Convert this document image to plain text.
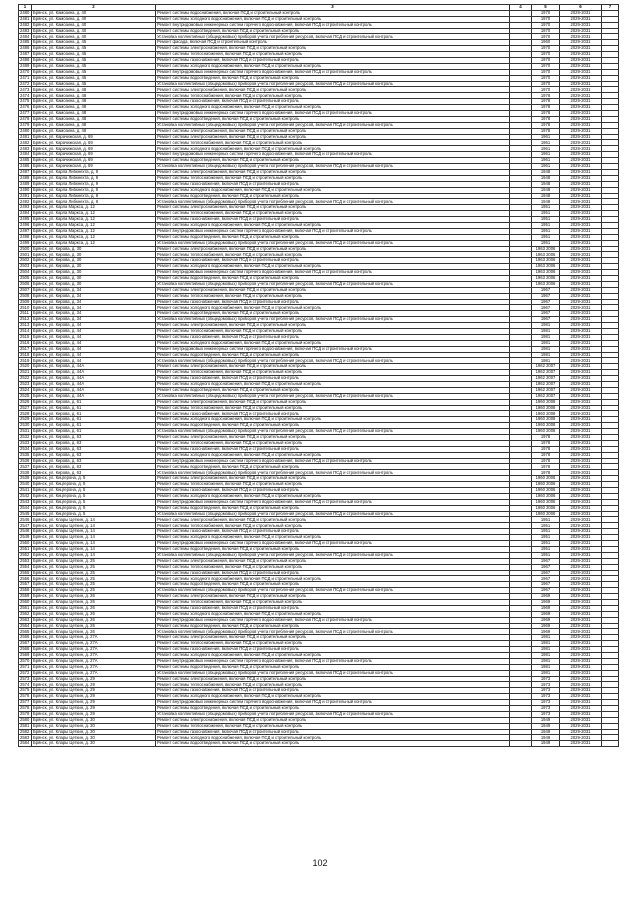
1	2	3	4	5	6	7
2480	Брянск, ул. Камозина, д. 40	Ремонт системы водоснабжения, включая ПСД и строительный контроль		1970	2029-2031	
2481	Брянск, ул. Камозина, д. 40	Ремонт системы холодного водоснабжения, включая ПСД и строительный контроль		1970	2029-2031	
2482	Брянск, ул. Камозина, д. 40	Ремонт внутридомовых инженерных систем горячего водоснабжения, включая ПСД и строительный контроль		1970	2029-2031	
2483	Брянск, ул. Камозина, д. 40	Ремонт системы водоотведения, включая ПСД и строительный контроль		1970	2029-2031	
2484	Брянск, ул. Камозина, д. 40	Установка коллективных (общедомовых) приборов учета потребления ресурсов, включая ПСД и строительный контроль		1970	2029-2031	
2485	Брянск, ул. Камозина, д. 45	Ремонт фасада, включая ПСД и строительный контроль		1960	2029-2031	
2486	Брянск, ул. Камозина, д. 45	Ремонт системы электроснабжения, включая ПСД и строительный контроль		1970	2029-2031	
2487	Брянск, ул. Камозина, д. 45	Ремонт системы теплоснабжения, включая ПСД и строительный контроль		1970	2029-2031	
2488	Брянск, ул. Камозина, д. 45	Ремонт системы газоснабжения, включая ПСД и строительный контроль		1970	2029-2031	
2489	Брянск, ул. Камозина, д. 45	Ремонт системы холодного водоснабжения, включая ПСД и строительный контроль		1970	2029-2031	
2470	Брянск, ул. Камозина, д. 45	Ремонт внутридомовых инженерных систем горячего водоснабжения, включая ПСД и строительный контроль		1970	2029-2031	
2471	Брянск, ул. Камозина, д. 45	Ремонт системы водоотведения, включая ПСД и строительный контроль		1970	2029-2031	
2472	Брянск, ул. Камозина, д. 45	Установка коллективных (общедомовых) приборов учета потребления ресурсов, включая ПСД и строительный контроль		1970	2029-2031	
2473	Брянск, ул. Камозина, д. 48	Ремонт системы электроснабжения, включая ПСД и строительный контроль		1970	2029-2031	
2474	Брянск, ул. Камозина, д. 48	Ремонт системы теплоснабжения, включая ПСД и строительный контроль		1978	2029-2031	
2475	Брянск, ул. Камозина, д. 48	Ремонт системы газоснабжения, включая ПСД и строительный контроль		1978	2029-2031	
2476	Брянск, ул. Камозина, д. 48	Ремонт системы холодного водоснабжения, включая ПСД и строительный контроль		1978	2029-2031	
2477	Брянск, ул. Камозина, д. 48	Ремонт внутридомовых инженерных систем горячего водоснабжения, включая ПСД и строительный контроль		1978	2029-2031	
2478	Брянск, ул. Камозина, д. 48	Ремонт системы водоотведения, включая ПСД и строительный контроль		1978	2029-2031	
2479	Брянск, ул. Камозина, д. 48	Установка коллективных (общедомовых) приборов учета потребления ресурсов, включая ПСД и строительный контроль		1978	2029-2031	
2480	Брянск, ул. Камозина, д. 48	Ремонт системы электроснабжения, включая ПСД и строительный контроль		1978	2029-2031	
2481	Брянск, ул. Карачижская, д. 69	Ремонт системы электроснабжения, включая ПСД и строительный контроль		1961	2029-2031	
2482	Брянск, ул. Карачижская, д. 69	Ремонт системы теплоснабжения, включая ПСД и строительный контроль		1961	2029-2031	
2483	Брянск, ул. Карачижская, д. 69	Ремонт системы холодного водоснабжения, включая ПСД и строительный контроль		1961	2029-2031	
2484	Брянск, ул. Карачижская, д. 69	Ремонт внутридомовых инженерных систем горячего водоснабжения, включая ПСД и строительный контроль		1961	2029-2031	
2485	Брянск, ул. Карачижская, д. 69	Ремонт системы водоотведения, включая ПСД и строительный контроль		1961	2029-2031	
2486	Брянск, ул. Карачижская, д. 69	Установка коллективных (общедомовых) приборов учета потребления ресурсов, включая ПСД и строительный контроль		1961	2029-2031	
2487	Брянск, ул. Карла Либкнехта, д. 9	Ремонт системы электроснабжения, включая ПСД и строительный контроль		1948	2029-2031	
2488	Брянск, ул. Карла Либкнехта, д. 9	Ремонт системы теплоснабжения, включая ПСД и строительный контроль		1948	2029-2031	
2489	Брянск, ул. Карла Либкнехта, д. 9	Ремонт системы газоснабжения, включая ПСД и строительный контроль		1948	2029-2031	
2490	Брянск, ул. Карла Либкнехта, д. 9	Ремонт системы холодного водоснабжения, включая ПСД и строительный контроль		1948	2029-2031	
2491	Брянск, ул. Карла Либкнехта, д. 9	Ремонт системы водоотведения, включая ПСД и строительный контроль		1948	2029-2031	
2492	Брянск, ул. Карла Либкнехта, д. 9	Установка коллективных (общедомовых) приборов учета потребления ресурсов, включая ПСД и строительный контроль		1948	2029-2031	
2493	Брянск, ул. Карла Маркса, д. 12	Ремонт системы электроснабжения, включая ПСД и строительный контроль		1951	2029-2031	
2494	Брянск, ул. Карла Маркса, д. 12	Ремонт системы теплоснабжения, включая ПСД и строительный контроль		1951	2029-2031	
2495	Брянск, ул. Карла Маркса, д. 12	Ремонт системы газоснабжения, включая ПСД и строительный контроль		1951	2029-2031	
2496	Брянск, ул. Карла Маркса, д. 12	Ремонт системы холодного водоснабжения, включая ПСД и строительный контроль		1951	2029-2031	
2497	Брянск, ул. Карла Маркса, д. 12	Ремонт внутридомовых инженерных систем горячего водоснабжения, включая ПСД и строительный контроль		1951	2029-2031	
2498	Брянск, ул. Карла Маркса, д. 12	Ремонт системы водоотведения, включая ПСД и строительный контроль		1951	2029-2031	
2499	Брянск, ул. Карла Маркса, д. 12	Установка коллективных (общедомовых) приборов учета потребления ресурсов, включая ПСД и строительный контроль		1951	2029-2031	
2500	Брянск, ул. Кирова, д. 30	Ремонт системы электроснабжения, включая ПСД и строительный контроль		1963 2006	2029-2031	
2501	Брянск, ул. Кирова, д. 30	Ремонт системы теплоснабжения, включая ПСД и строительный контроль		1963 2006	2029-2031	
2502	Брянск, ул. Кирова, д. 30	Ремонт системы газоснабжения, включая ПСД и строительный контроль		1963 2006	2029-2031	
2503	Брянск, ул. Кирова, д. 30	Ремонт системы холодного водоснабжения, включая ПСД и строительный контроль		1963 2006	2029-2031	
2504	Брянск, ул. Кирова, д. 30	Ремонт внутридомовых инженерных систем горячего водоснабжения, включая ПСД и строительный контроль		1963 2006	2029-2031	
2505	Брянск, ул. Кирова, д. 30	Ремонт системы водоотведения, включая ПСД и строительный контроль		1963 2006	2029-2031	
2506	Брянск, ул. Кирова, д. 30	Установка коллективных (общедомовых) приборов учета потребления ресурсов, включая ПСД и строительный контроль		1963 2006	2029-2031	
2507	Брянск, ул. Кирова, д. 34	Ремонт системы электроснабжения, включая ПСД и строительный контроль		1967	2029-2031	
2508	Брянск, ул. Кирова, д. 34	Ремонт системы теплоснабжения, включая ПСД и строительный контроль		1967	2029-2031	
2509	Брянск, ул. Кирова, д. 34	Ремонт системы газоснабжения, включая ПСД и строительный контроль		1967	2029-2031	
2510	Брянск, ул. Кирова, д. 34	Ремонт системы холодного водоснабжения, включая ПСД и строительный контроль		1967	2029-2031	
2511	Брянск, ул. Кирова, д. 34	Ремонт системы водоотведения, включая ПСД и строительный контроль		1967	2029-2031	
2512	Брянск, ул. Кирова, д. 34	Установка коллективных (общедомовых) приборов учета потребления ресурсов, включая ПСД и строительный контроль		1967	2029-2031	
2513	Брянск, ул. Кирова, д. 44	Ремонт системы электроснабжения, включая ПСД и строительный контроль		1981	2029-2031	
2514	Брянск, ул. Кирова, д. 44	Ремонт системы теплоснабжения, включая ПСД и строительный контроль		1981	2029-2031	
2515	Брянск, ул. Кирова, д. 44	Ремонт системы газоснабжения, включая ПСД и строительный контроль		1981	2029-2031	
2516	Брянск, ул. Кирова, д. 44	Ремонт системы холодного водоснабжения, включая ПСД и строительный контроль		1981	2029-2031	
2517	Брянск, ул. Кирова, д. 44	Ремонт внутридомовых инженерных систем горячего водоснабжения, включая ПСД и строительный контроль		1981	2029-2031	
2518	Брянск, ул. Кирова, д. 44	Ремонт системы водоотведения, включая ПСД и строительный контроль		1981	2029-2031	
2519	Брянск, ул. Кирова, д. 44	Установка коллективных (общедомовых) приборов учета потребления ресурсов, включая ПСД и строительный контроль		1981	2029-2031	
2520	Брянск, ул. Кирова, д. 44А	Ремонт системы электроснабжения, включая ПСД и строительный контроль		1962 2007	2029-2031	
2521	Брянск, ул. Кирова, д. 44А	Ремонт системы теплоснабжения, включая ПСД и строительный контроль		1962 2007	2029-2031	
2522	Брянск, ул. Кирова, д. 44А	Ремонт системы газоснабжения, включая ПСД и строительный контроль		1962 2007	2029-2031	
2523	Брянск, ул. Кирова, д. 44А	Ремонт системы холодного водоснабжения, включая ПСД и строительный контроль		1962 2007	2029-2031	
2524	Брянск, ул. Кирова, д. 44А	Ремонт системы водоотведения, включая ПСД и строительный контроль		1962 2007	2029-2031	
2525	Брянск, ул. Кирова, д. 44А	Установка коллективных (общедомовых) приборов учета потребления ресурсов, включая ПСД и строительный контроль		1962 2007	2029-2031	
2526	Брянск, ул. Кирова, д. 61	Ремонт системы электроснабжения, включая ПСД и строительный контроль		1960 2008	2029-2031	
2527	Брянск, ул. Кирова, д. 61	Ремонт системы теплоснабжения, включая ПСД и строительный контроль		1960 2008	2029-2031	
2528	Брянск, ул. Кирова, д. 61	Ремонт системы газоснабжения, включая ПСД и строительный контроль		1960 2008	2029-2031	
2529	Брянск, ул. Кирова, д. 61	Ремонт системы холодного водоснабжения, включая ПСД и строительный контроль		1960 2008	2029-2031	
2530	Брянск, ул. Кирова, д. 61	Ремонт системы водоотведения, включая ПСД и строительный контроль		1960 2008	2029-2031	
2531	Брянск, ул. Кирова, д. 61	Установка коллективных (общедомовых) приборов учета потребления ресурсов, включая ПСД и строительный контроль		1960 2008	2029-2031	
2532	Брянск, ул. Кирова, д. 63	Ремонт системы электроснабжения, включая ПСД и строительный контроль		1978	2029-2031	
2533	Брянск, ул. Кирова, д. 63	Ремонт системы теплоснабжения, включая ПСД и строительный контроль		1978	2029-2031	
2534	Брянск, ул. Кирова, д. 63	Ремонт системы газоснабжения, включая ПСД и строительный контроль		1978	2029-2031	
2535	Брянск, ул. Кирова, д. 63	Ремонт системы холодного водоснабжения, включая ПСД и строительный контроль		1978	2029-2031	
2536	Брянск, ул. Кирова, д. 63	Ремонт внутридомовых инженерных систем горячего водоснабжения, включая ПСД и строительный контроль		1978	2029-2031	
2537	Брянск, ул. Кирова, д. 63	Ремонт системы водоотведения, включая ПСД и строительный контроль		1978	2029-2031	
2538	Брянск, ул. Кирова, д. 63	Установка коллективных (общедомовых) приборов учета потребления ресурсов, включая ПСД и строительный контроль		1978	2029-2031	
2539	Брянск, ул. Кицгерона, д. 5	Ремонт системы электроснабжения, включая ПСД и строительный контроль		1960 2006	2029-2031	
2540	Брянск, ул. Кицгерона, д. 5	Ремонт системы теплоснабжения, включая ПСД и строительный контроль		1960 2006	2029-2031	
2541	Брянск, ул. Кицгерона, д. 5	Ремонт системы газоснабжения, включая ПСД и строительный контроль		1960 2006	2029-2031	
2542	Брянск, ул. Кицгерона, д. 5	Ремонт системы холодного водоснабжения, включая ПСД и строительный контроль		1960 2006	2029-2031	
2543	Брянск, ул. Кицгерона, д. 5	Ремонт внутридомовых инженерных систем горячего водоснабжения, включая ПСД и строительный контроль		1960 2006	2029-2031	
2544	Брянск, ул. Кицгерона, д. 5	Ремонт системы водоотведения, включая ПСД и строительный контроль		1960 2006	2029-2031	
2545	Брянск, ул. Кицгерона, д. 5	Установка коллективных (общедомовых) приборов учета потребления ресурсов, включая ПСД и строительный контроль		1960 2006	2029-2031	
2546	Брянск, ул. Клары Цеткин, д. 14	Ремонт системы электроснабжения, включая ПСД и строительный контроль		1951	2029-2031	
2547	Брянск, ул. Клары Цеткин, д. 14	Ремонт системы теплоснабжения, включая ПСД и строительный контроль		1951	2029-2031	
2548	Брянск, ул. Клары Цеткин, д. 14	Ремонт системы газоснабжения, включая ПСД и строительный контроль		1951	2029-2031	
2549	Брянск, ул. Клары Цеткин, д. 14	Ремонт системы холодного водоснабжения, включая ПСД и строительный контроль		1951	2029-2031	
2550	Брянск, ул. Клары Цеткин, д. 14	Ремонт внутридомовых инженерных систем горячего водоснабжения, включая ПСД и строительный контроль		1951	2029-2031	
2551	Брянск, ул. Клары Цеткин, д. 14	Ремонт системы водоотведения, включая ПСД и строительный контроль		1951	2029-2031	
2552	Брянск, ул. Клары Цеткин, д. 14	Установка коллективных (общедомовых) приборов учета потребления ресурсов, включая ПСД и строительный контроль		1951	2029-2031	
2553	Брянск, ул. Клары Цеткин, д. 25	Ремонт системы электроснабжения, включая ПСД и строительный контроль		1967	2029-2031	
2554	Брянск, ул. Клары Цеткин, д. 25	Ремонт системы теплоснабжения, включая ПСД и строительный контроль		1967	2029-2031	
2555	Брянск, ул. Клары Цеткин, д. 25	Ремонт системы газоснабжения, включая ПСД и строительный контроль		1967	2029-2031	
2556	Брянск, ул. Клары Цеткин, д. 25	Ремонт системы холодного водоснабжения, включая ПСД и строительный контроль		1967	2029-2031	
2557	Брянск, ул. Клары Цеткин, д. 25	Ремонт системы водоотведения, включая ПСД и строительный контроль		1967	2029-2031	
2558	Брянск, ул. Клары Цеткин, д. 25	Установка коллективных (общедомовых) приборов учета потребления ресурсов, включая ПСД и строительный контроль		1967	2029-2031	
2559	Брянск, ул. Клары Цеткин, д. 26	Ремонт системы электроснабжения, включая ПСД и строительный контроль		1969	2029-2031	
2560	Брянск, ул. Клары Цеткин, д. 26	Ремонт системы теплоснабжения, включая ПСД и строительный контроль		1969	2029-2031	
2561	Брянск, ул. Клары Цеткин, д. 26	Ремонт системы газоснабжения, включая ПСД и строительный контроль		1969	2029-2031	
2562	Брянск, ул. Клары Цеткин, д. 26	Ремонт системы холодного водоснабжения, включая ПСД и строительный контроль		1969	2029-2031	
2563	Брянск, ул. Клары Цеткин, д. 26	Ремонт внутридомовых инженерных систем горячего водоснабжения, включая ПСД и строительный контроль		1969	2029-2031	
2564	Брянск, ул. Клары Цеткин, д. 26	Ремонт системы водоотведения, включая ПСД и строительный контроль		1969	2029-2031	
2565	Брянск, ул. Клары Цеткин, д. 26	Установка коллективных (общедомовых) приборов учета потребления ресурсов, включая ПСД и строительный контроль		1969	2029-2031	
2566	Брянск, ул. Клары Цеткин, д. 27А	Ремонт системы электроснабжения, включая ПСД и строительный контроль		1981	2029-2031	
2567	Брянск, ул. Клары Цеткин, д. 27А	Ремонт системы теплоснабжения, включая ПСД и строительный контроль		1981	2029-2031	
2568	Брянск, ул. Клары Цеткин, д. 27А	Ремонт системы газоснабжения, включая ПСД и строительный контроль		1981	2029-2031	
2569	Брянск, ул. Клары Цеткин, д. 27А	Ремонт системы холодного водоснабжения, включая ПСД и строительный контроль		1981	2029-2031	
2570	Брянск, ул. Клары Цеткин, д. 27А	Ремонт внутридомовых инженерных систем горячего водоснабжения, включая ПСД и строительный контроль		1981	2029-2031	
2571	Брянск, ул. Клары Цеткин, д. 27А	Ремонт системы водоотведения, включая ПСД и строительный контроль		1981	2029-2031	
2572	Брянск, ул. Клары Цеткин, д. 27А	Установка коллективных (общедомовых) приборов учета потребления ресурсов, включая ПСД и строительный контроль		1981	2029-2031	
2573	Брянск, ул. Клары Цеткин, д. 29	Ремонт системы электроснабжения, включая ПСД и строительный контроль		1973	2029-2031	
2574	Брянск, ул. Клары Цеткин, д. 29	Ремонт системы теплоснабжения, включая ПСД и строительный контроль		1973	2029-2031	
2575	Брянск, ул. Клары Цеткин, д. 29	Ремонт системы газоснабжения, включая ПСД и строительный контроль		1973	2029-2031	
2576	Брянск, ул. Клары Цеткин, д. 29	Ремонт системы холодного водоснабжения, включая ПСД и строительный контроль		1973	2029-2031	
2577	Брянск, ул. Клары Цеткин, д. 29	Ремонт внутридомовых инженерных систем горячего водоснабжения, включая ПСД и строительный контроль		1973	2029-2031	
2578	Брянск, ул. Клары Цеткин, д. 29	Ремонт системы водоотведения, включая ПСД и строительный контроль		1973	2029-2031	
2579	Брянск, ул. Клары Цеткин, д. 29	Установка коллективных (общедомовых) приборов учета потребления ресурсов, включая ПСД и строительный контроль		1973	2029-2031	
2580	Брянск, ул. Клары Цеткин, д. 30	Ремонт системы электроснабжения, включая ПСД и строительный контроль		1949	2029-2031	
2581	Брянск, ул. Клары Цеткин, д. 30	Ремонт системы теплоснабжения, включая ПСД и строительный контроль		1949	2029-2031	
2582	Брянск, ул. Клары Цеткин, д. 30	Ремонт системы газоснабжения, включая ПСД и строительный контроль		1949	2029-2031	
2583	Брянск, ул. Клары Цеткин, д. 30	Ремонт системы холодного водоснабжения, включая ПСД и строительный контроль		1949	2029-2031	
2584	Брянск, ул. Клары Цеткин, д. 30	Ремонт системы водоотведения, включая ПСД и строительный контроль		1949	2029-2031	
102
